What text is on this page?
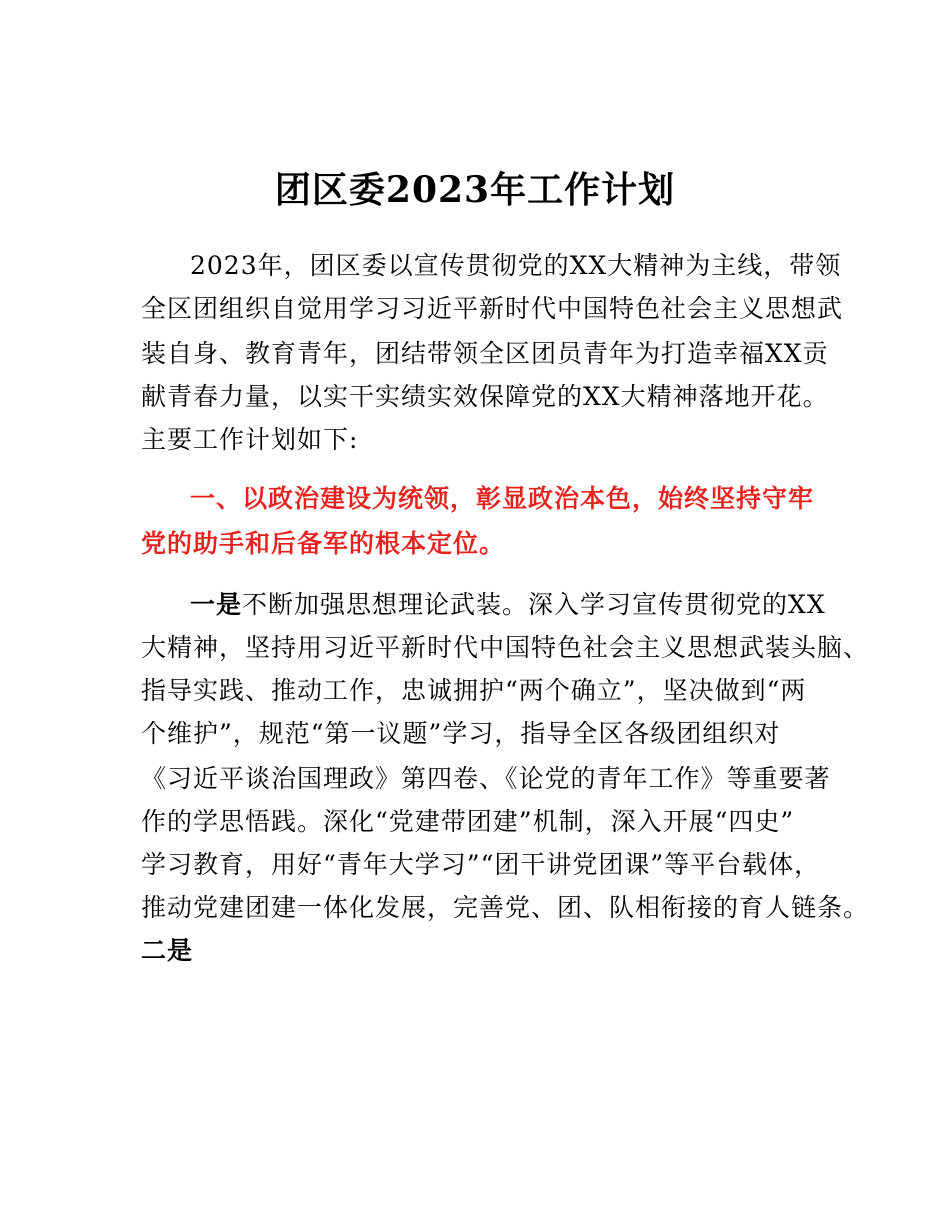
团区委2023年工作计划
2023年，团区委以宣传贯彻党的XX大精神为主线，带领
全区团组织自觉用学习习近平新时代中国特色社会主义思想武
装自身、教育青年，团结带领全区团员青年为打造幸福XX贡
献青春力量，以实干实绩实效保障党的XX大精神落地开花。
主要工作计划如下:
一、以政治建设为统领，彰显政治本色，始终坚持守牢
党的助手和后备军的根本定位。
一是不断加强思想理论武装。深入学习宣传贯彻党的XX
大精神，坚持用习近平新时代中国特色社会主义思想武装头脑、
指导实践、推动工作，忠诚拥护“两个确立”，坚决做到“两
个维护”，规范“第一议题”学习，指导全区各级团组织对
《习近平谈治国理政》第四卷、《论党的青年工作》等重要著
作的学思悟践。深化“党建带团建”机制，深入开展“四史”
学习教育，用好“青年大学习”“团干讲党团课”等平台载体，
推动党建团建一体化发展，完善党、团、队相衔接的育人链条。
二是
